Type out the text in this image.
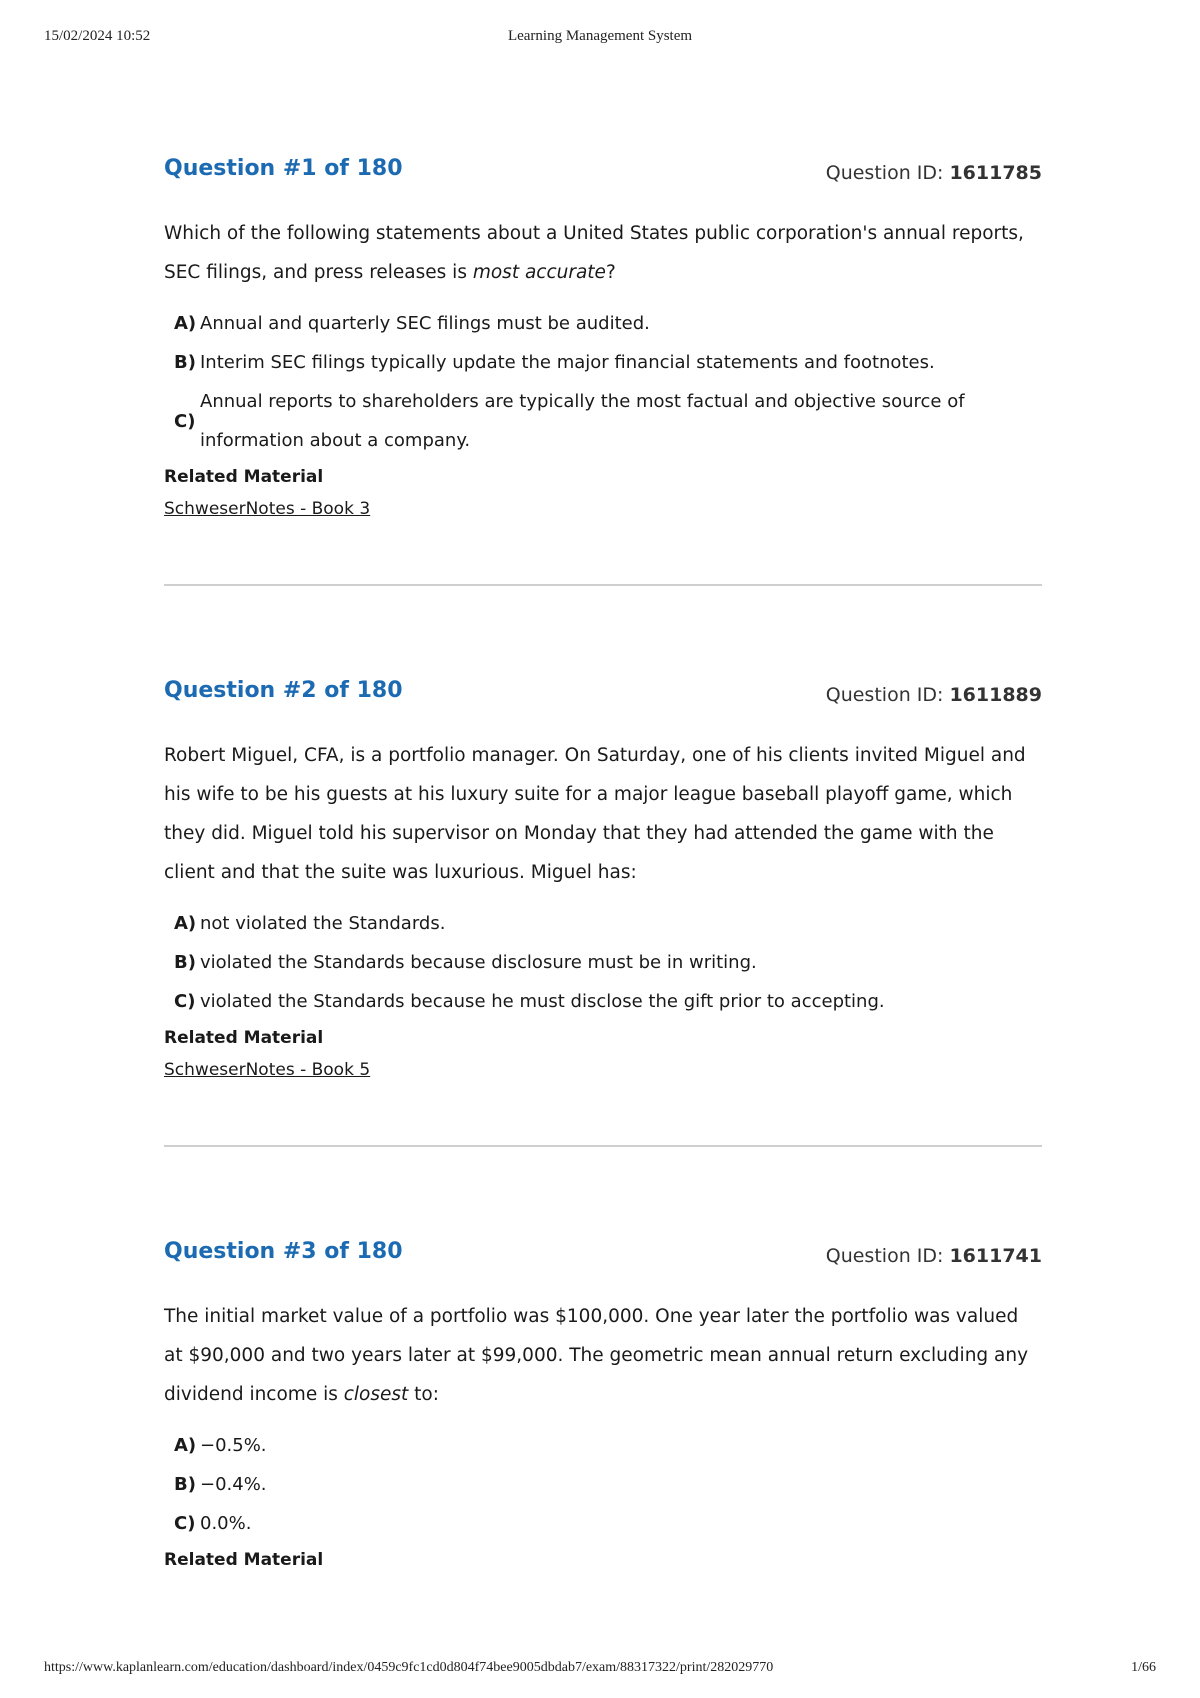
15/02/2024 10:52	Learning Management System
Question #1 of 180	Question ID: 1611785
Which of the following statements about a United States public corporation's annual reports, SEC filings, and press releases is most accurate?
A) Annual and quarterly SEC filings must be audited.
B) Interim SEC filings typically update the major financial statements and footnotes.
C)
Annual reports to shareholders are typically the most factual and objective source of information about a company.
Related Material
SchweserNotes - Book 3
Question #2 of 180	Question ID: 1611889
Robert Miguel, CFA, is a portfolio manager. On Saturday, one of his clients invited Miguel and his wife to be his guests at his luxury suite for a major league baseball playoff game, which they did. Miguel told his supervisor on Monday that they had attended the game with the client and that the suite was luxurious. Miguel has:
A) not violated the Standards.
B) violated the Standards because disclosure must be in writing.
C) violated the Standards because he must disclose the gift prior to accepting.
Related Material
SchweserNotes - Book 5
Question #3 of 180	Question ID: 1611741
The initial market value of a portfolio was $100,000. One year later the portfolio was valued at $90,000 and two years later at $99,000. The geometric mean annual return excluding any dividend income is closest to:
A) −0.5%.
B) −0.4%.
C) 0.0%.
Related Material
https://www.kaplanlearn.com/education/dashboard/index/0459c9fc1cd0d804f74bee9005dbdab7/exam/88317322/print/282029770	1/66
